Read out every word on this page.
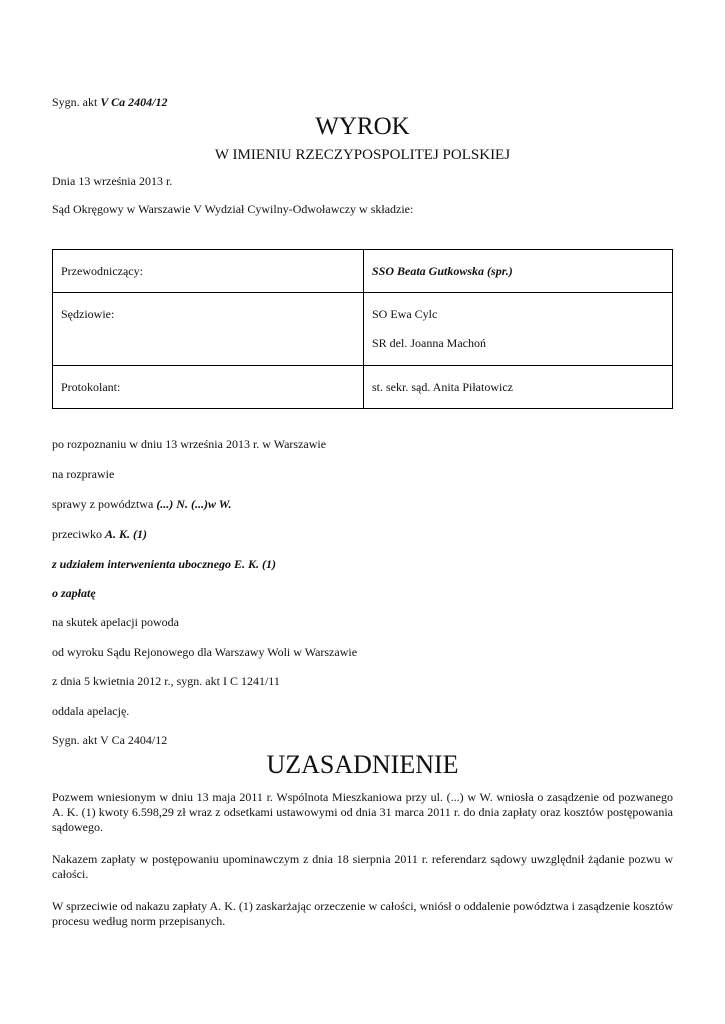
Sygn. akt V Ca 2404/12
WYROK
W IMIENIU RZECZYPOSPOLITEJ POLSKIEJ
Dnia 13 września 2013 r.
Sąd Okręgowy w Warszawie V Wydział Cywilny-Odwoławczy w składzie:
Przewodniczący:	SSO Beata Gutkowska (spr.)

Sędziowie:	SO Ewa Cylc
SR del. Joanna Machoń

Protokolant:	st. sekr. sąd. Anita Piłatowicz
po rozpoznaniu w dniu 13 września 2013 r. w Warszawie
na rozprawie
sprawy z powództwa (...) N. (...)w W.
przeciwko A. K. (1)
z udziałem interwenienta ubocznego E. K. (1)
o zapłatę
na skutek apelacji powoda
od wyroku Sądu Rejonowego dla Warszawy Woli w Warszawie
z dnia 5 kwietnia 2012 r., sygn. akt I C 1241/11
oddala apelację.
Sygn. akt V Ca 2404/12
UZASADNIENIE
Pozwem wniesionym w dniu 13 maja 2011 r. Wspólnota Mieszkaniowa przy ul. (...) w W. wniosła o zasądzenie od pozwanego A. K. (1) kwoty 6.598,29 zł wraz z odsetkami ustawowymi od dnia 31 marca 2011 r. do dnia zapłaty oraz kosztów postępowania sądowego.
Nakazem zapłaty w postępowaniu upominawczym z dnia 18 sierpnia 2011 r. referendarz sądowy uwzględnił żądanie pozwu w całości.
W sprzeciwie od nakazu zapłaty A. K. (1) zaskarżając orzeczenie w całości, wniósł o oddalenie powództwa i zasądzenie kosztów procesu według norm przepisanych.
